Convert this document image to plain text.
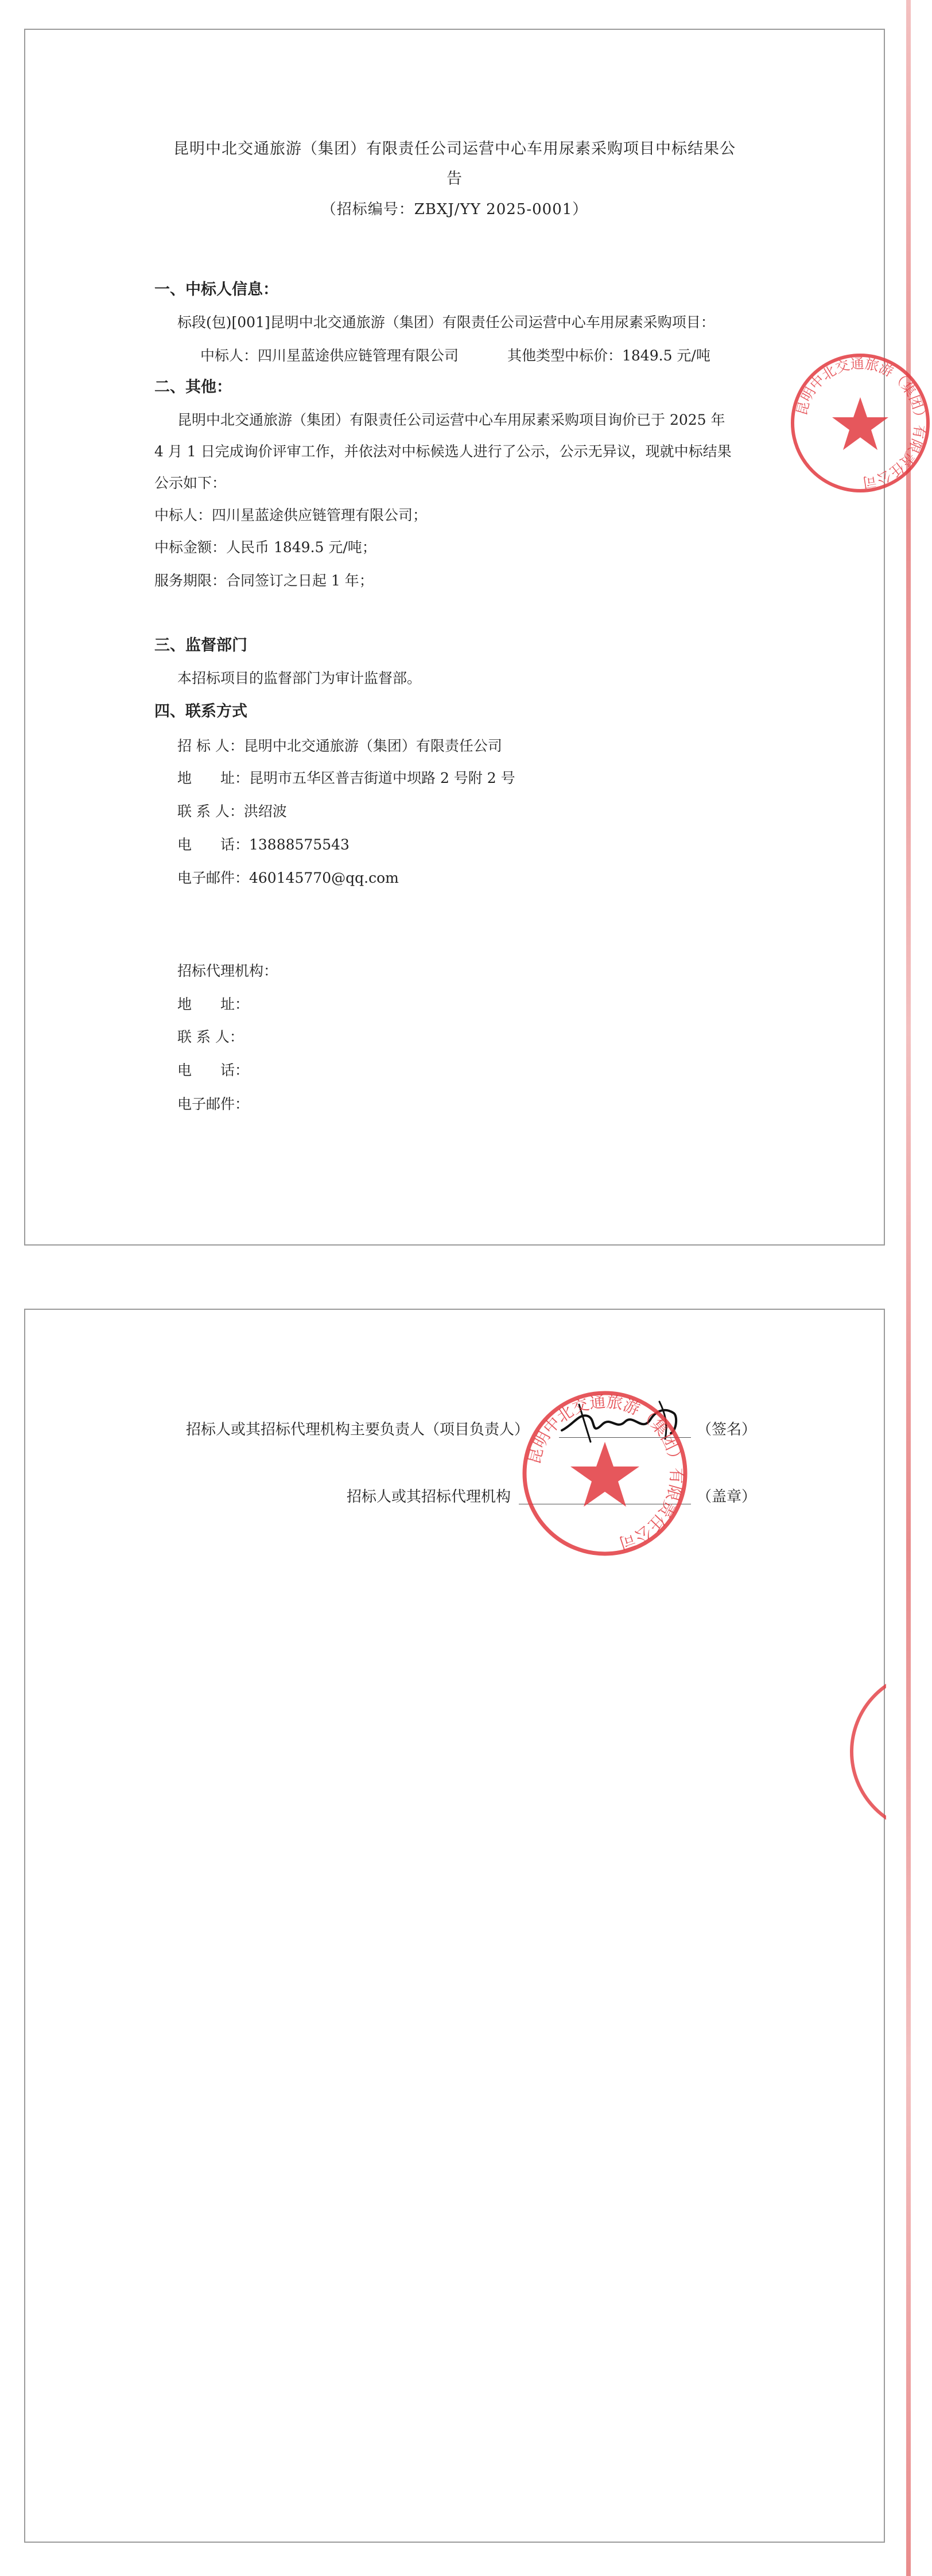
昆明中北交通旅游（集团）有限责任公司运营中心车用尿素采购项目中标结果公
告
（招标编号：ZBXJ/YY 2025-0001）
一、中标人信息：
标段(包)[001]昆明中北交通旅游（集团）有限责任公司运营中心车用尿素采购项目：
中标人：四川星蓝途供应链管理有限公司	其他类型中标价：1849.5 元/吨
二、其他：
昆明中北交通旅游（集团）有限责任公司运营中心车用尿素采购项目询价已于 2025 年
4 月 1 日完成询价评审工作，并依法对中标候选人进行了公示，公示无异议，现就中标结果
公示如下：
中标人：四川星蓝途供应链管理有限公司；
中标金额：人民币 1849.5 元/吨；
服务期限：合同签订之日起 1 年；
三、监督部门
本招标项目的监督部门为审计监督部。
四、联系方式
招 标 人：昆明中北交通旅游（集团）有限责任公司
地　　址：昆明市五华区普吉街道中坝路 2 号附 2 号
联 系 人：洪绍波
电　　话：13888575543
电子邮件：460145770@qq.com
招标代理机构：
地　　址：
联 系 人：
电　　话：
电子邮件：
昆明中北交通旅游（集团）有限责任公司
招标人或其招标代理机构主要负责人（项目负责人）	（签名）
招标人或其招标代理机构	（盖章）
昆明中北交通旅游（集团）有限责任公司
